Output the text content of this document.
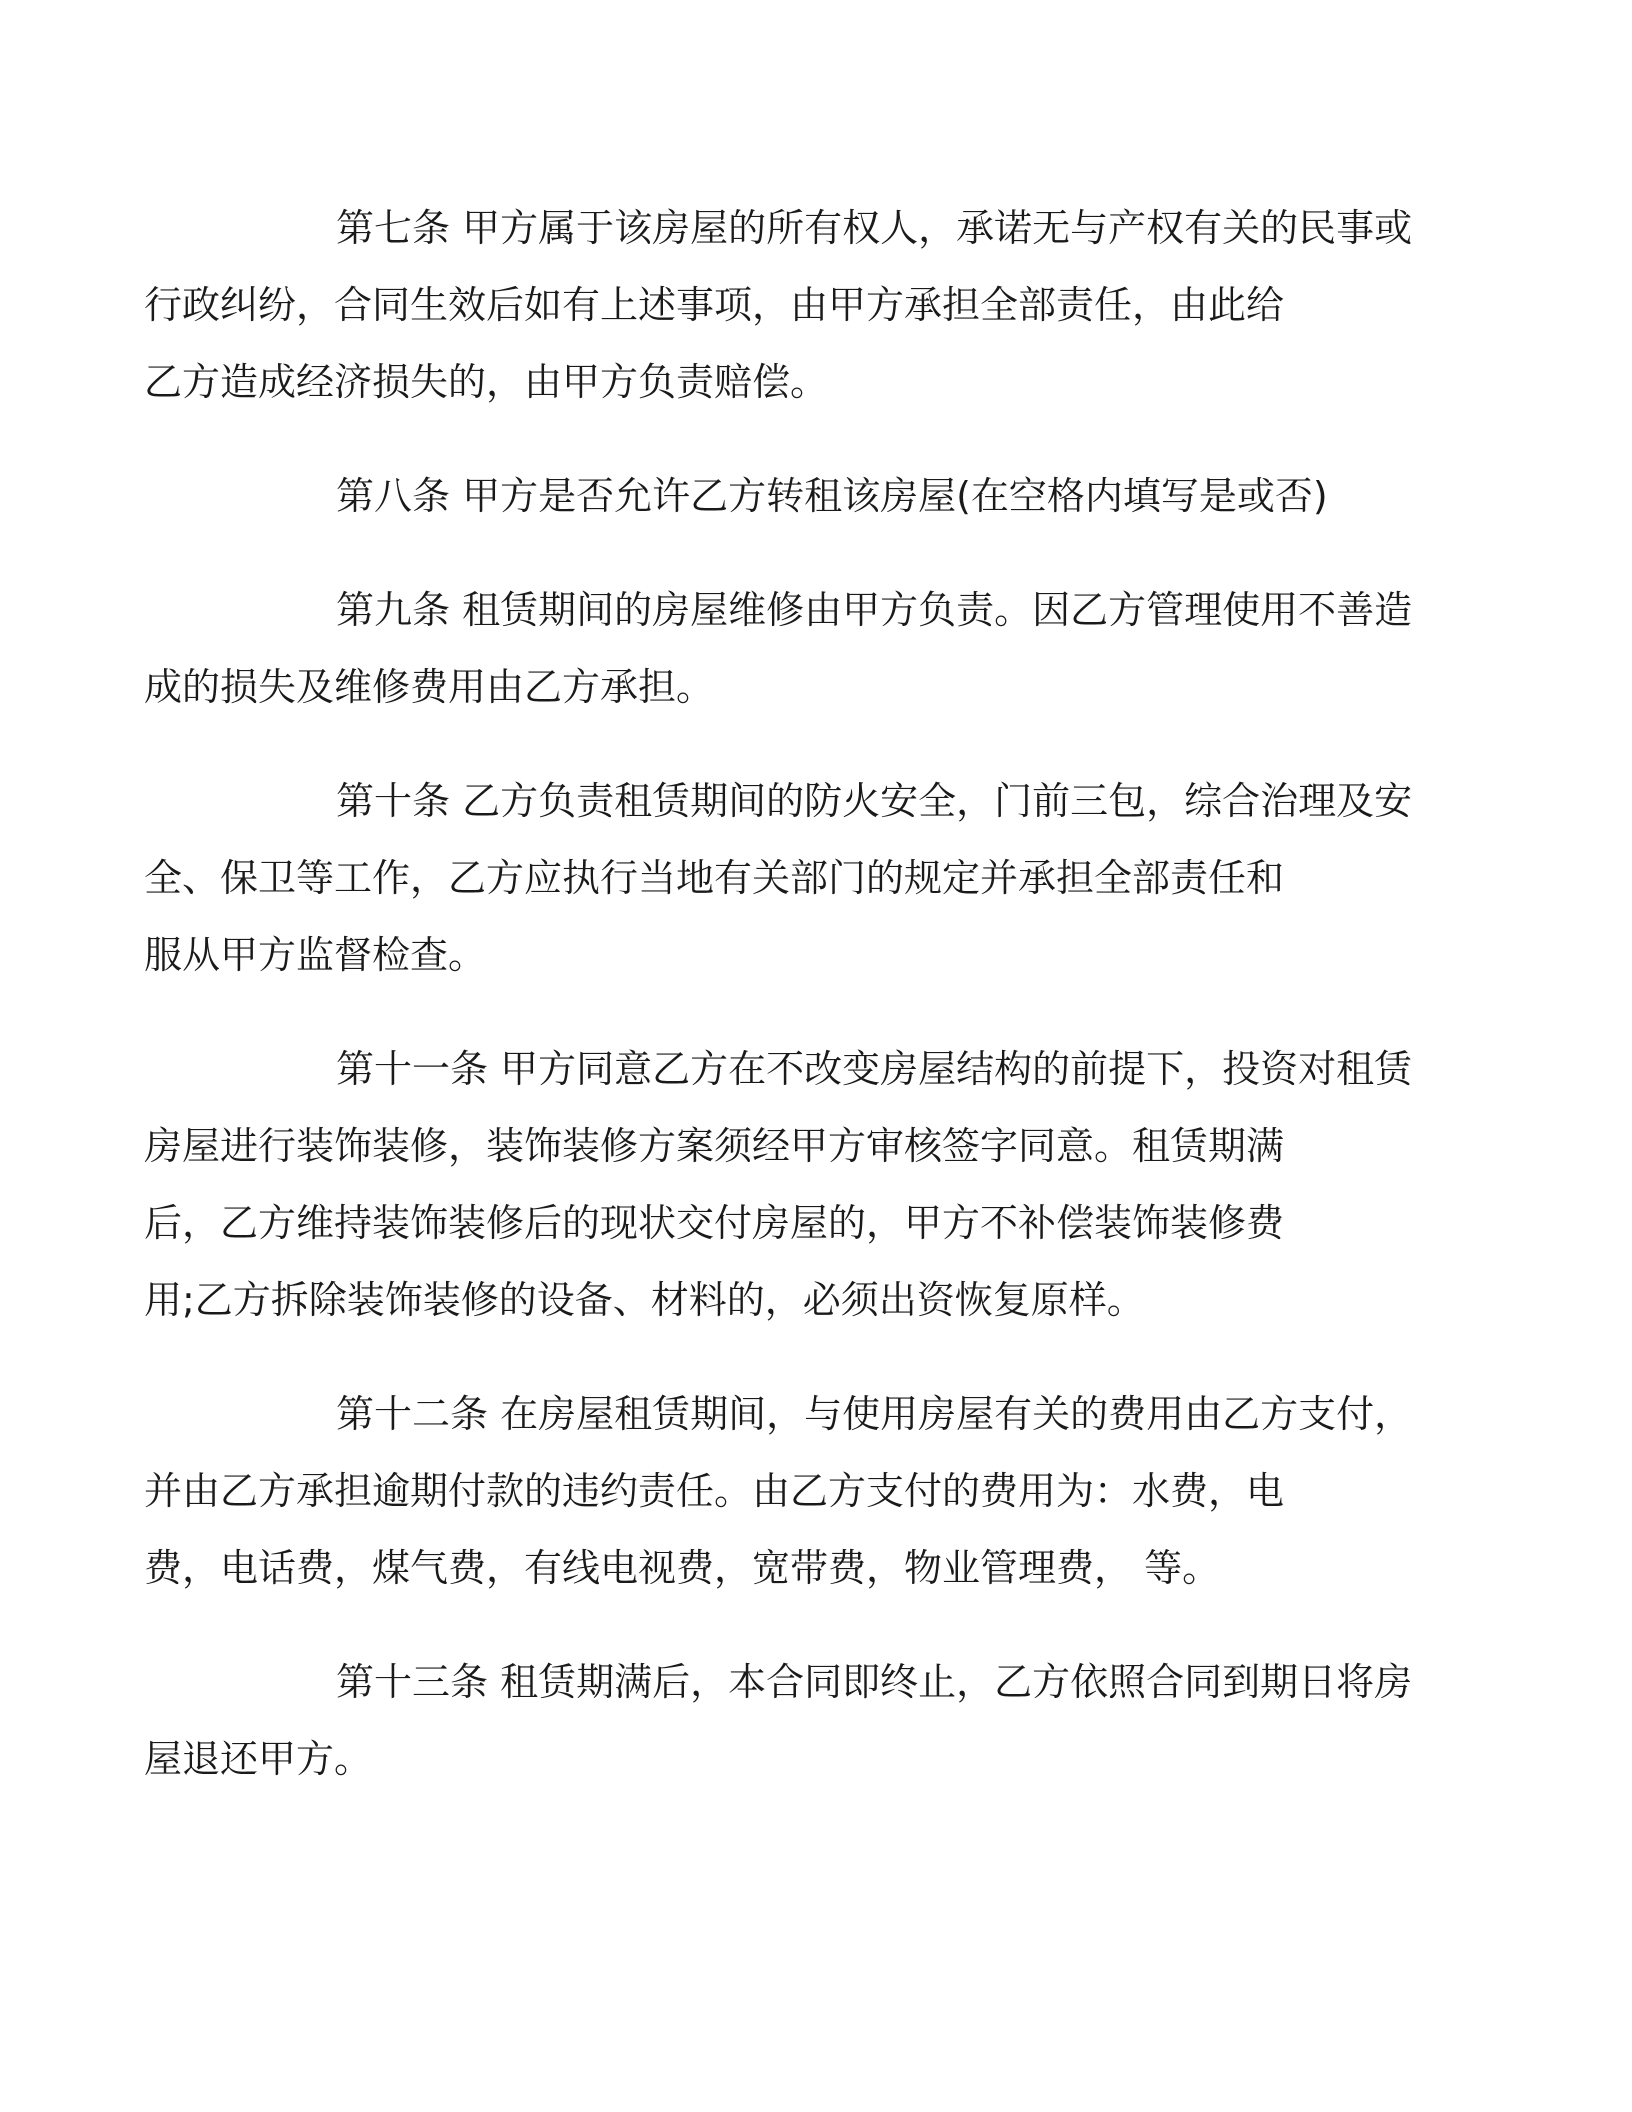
第七条 甲方属于该房屋的所有权人，承诺无与产权有关的民事或
行政纠纷，合同生效后如有上述事项，由甲方承担全部责任，由此给
乙方造成经济损失的，由甲方负责赔偿。
第八条 甲方是否允许乙方转租该房屋(在空格内填写是或否)
第九条 租赁期间的房屋维修由甲方负责。因乙方管理使用不善造
成的损失及维修费用由乙方承担。
第十条 乙方负责租赁期间的防火安全，门前三包，综合治理及安
全、保卫等工作，乙方应执行当地有关部门的规定并承担全部责任和
服从甲方监督检查。
第十一条 甲方同意乙方在不改变房屋结构的前提下，投资对租赁
房屋进行装饰装修，装饰装修方案须经甲方审核签字同意。租赁期满
后，乙方维持装饰装修后的现状交付房屋的，甲方不补偿装饰装修费
用;乙方拆除装饰装修的设备、材料的，必须出资恢复原样。
第十二条 在房屋租赁期间，与使用房屋有关的费用由乙方支付，
并由乙方承担逾期付款的违约责任。由乙方支付的费用为：水费，电
费，电话费，煤气费，有线电视费，宽带费，物业管理费， 等。
第十三条 租赁期满后，本合同即终止，乙方依照合同到期日将房
屋退还甲方。
